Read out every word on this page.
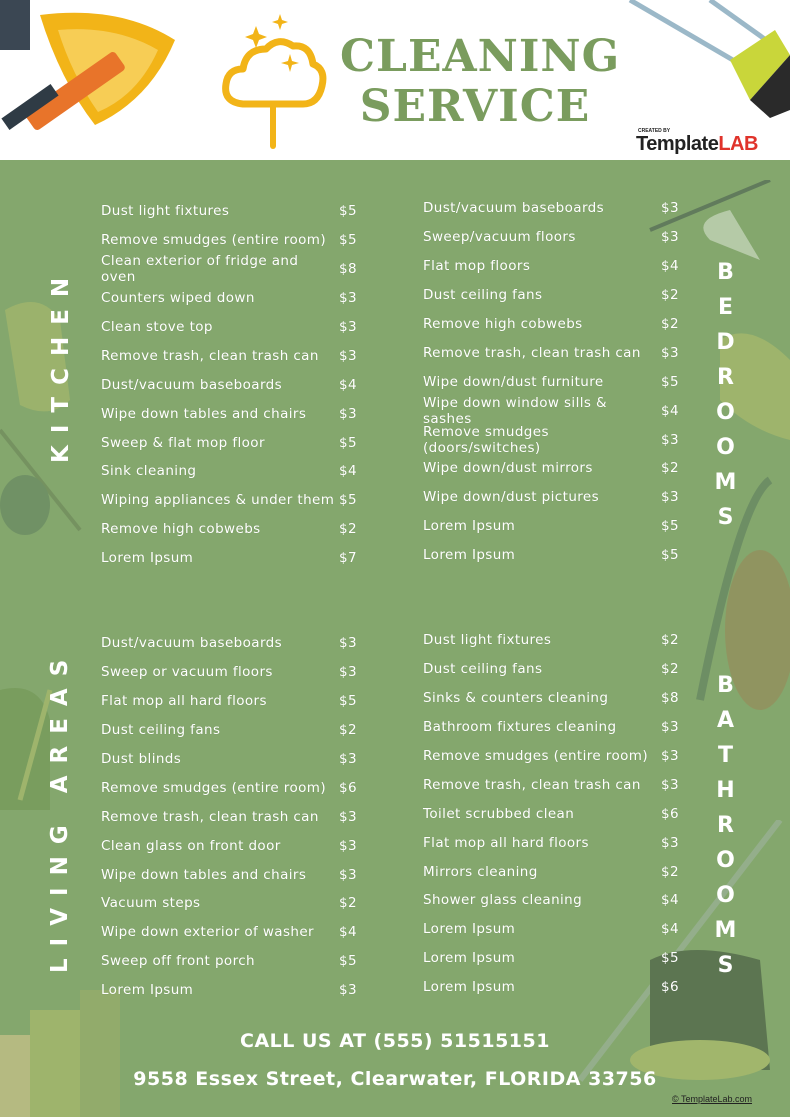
CLEANING
SERVICE	CREATED BY
TemplateLAB
KITCHEN	BEDROOMS
LIVING AREAS	BATHROOMS
Dust light fixtures	$5
Remove smudges (entire room) $5
Clean exterior of fridge and oven
$8
Counters wiped down	$3
Clean stove top	$3
Remove trash, clean trash can $3
Dust/vacuum baseboards	$4
Wipe down tables and chairs $3
Sweep & flat mop floor	$5
Sink cleaning	$4
Wiping appliances & under them $5
Remove high cobwebs	$2
Lorem Ipsum	$7
Dust/vacuum baseboards	$3
Sweep/vacuum floors	$3
Flat mop floors	$4
Dust ceiling fans	$2
Remove high cobwebs	$2
Remove trash, clean trash can $3
Wipe down/dust furniture	$5
Wipe down window sills & sashes
$4
Remove smudges (doors/switches)
$3
Wipe down/dust mirrors	$2
Wipe down/dust pictures	$3
Lorem Ipsum	$5
Lorem Ipsum	$5
Dust/vacuum baseboards	$3
Sweep or vacuum floors	$3
Flat mop all hard floors	$5
Dust ceiling fans	$2
Dust blinds	$3
Remove smudges (entire room) $6
Remove trash, clean trash can $3
Clean glass on front door	$3
Wipe down tables and chairs $3
Vacuum steps	$2
Wipe down exterior of washer $4
Sweep off front porch	$5
Lorem Ipsum	$3
Dust light fixtures	$2
Dust ceiling fans	$2
Sinks & counters cleaning	$8
Bathroom fixtures cleaning	$3
Remove smudges (entire room) $3
Remove trash, clean trash can $3
Toilet scrubbed clean	$6
Flat mop all hard floors	$3
Mirrors cleaning	$2
Shower glass cleaning	$4
Lorem Ipsum	$4
Lorem Ipsum	$5
Lorem Ipsum	$6
CALL US AT (555) 51515151
9558 Essex Street, Clearwater, FLORIDA 33756
© TemplateLab.com
